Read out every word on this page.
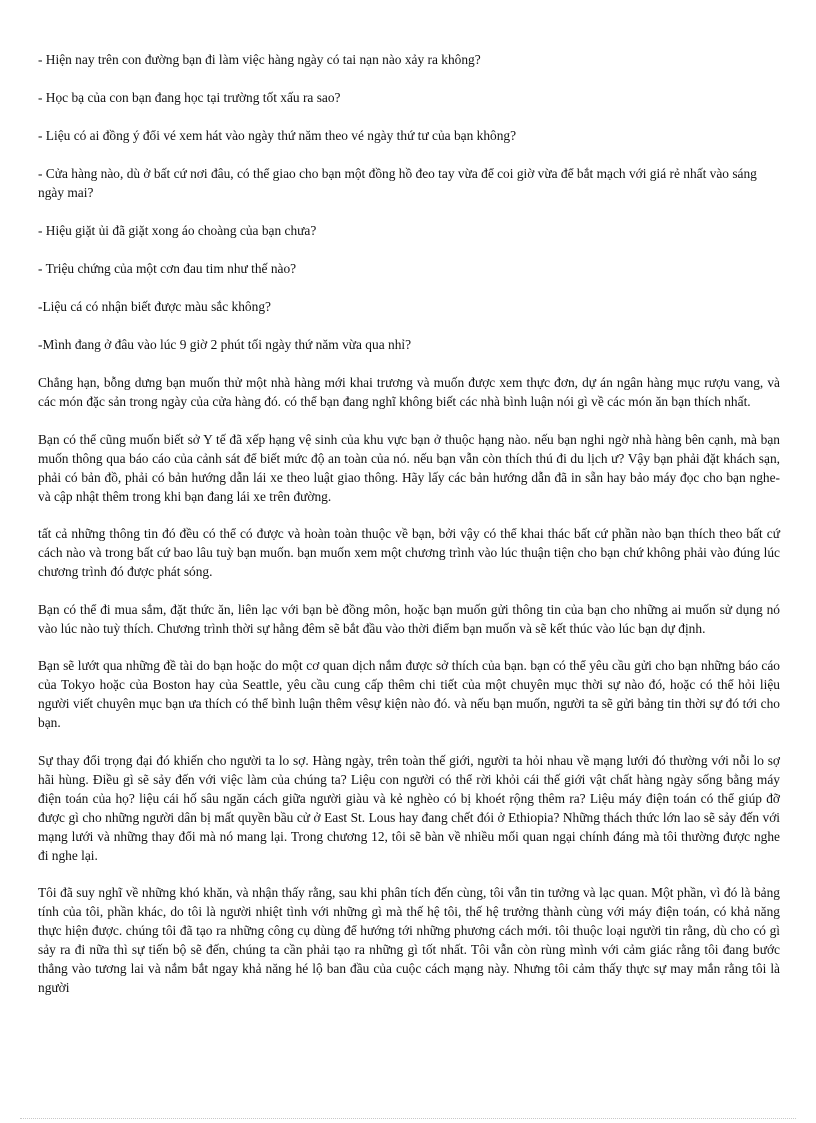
- Hiện nay trên con đường bạn đi làm việc hàng ngày có tai nạn nào xảy ra không?

- Học bạ của con bạn đang học tại trường tốt xấu ra sao?

- Liệu có ai đồng ý đổi vé xem hát vào ngày thứ năm theo vé ngày thứ tư của bạn không?

- Cửa hàng nào, dù ở bất cứ nơi đâu, có thể giao cho bạn một đồng hồ đeo tay vừa để coi giờ vừa để bắt mạch với giá rẻ nhất vào sáng ngày mai?

- Hiệu giặt ủi đã giặt xong áo choàng của bạn chưa?

- Triệu chứng của một cơn đau tim như thế nào?

-Liệu cá có nhận biết được màu sắc không?

-Mình đang ở đâu vào lúc 9 giờ 2 phút tối ngày thứ năm vừa qua nhỉ?

Chẳng hạn, bỗng dưng bạn muốn thử một nhà hàng mới khai trương và muốn được xem thực đơn, dự án ngân hàng mục rượu vang, và các món đặc sản trong ngày của cửa hàng đó. có thể bạn đang nghĩ không biết các nhà bình luận nói gì về các món ăn bạn thích nhất.

Bạn có thể cũng muốn biết sở Y tế đã xếp hạng vệ sinh của khu vực bạn ở thuộc hạng nào. nếu bạn nghi ngờ nhà hàng bên cạnh, mà bạn muốn thông qua báo cáo của cảnh sát để biết mức độ an toàn của nó. nếu bạn vẫn còn thích thú đi du lịch ư? Vậy bạn phải đặt khách sạn, phải có bản đồ, phải có bản hướng dẫn lái xe theo luật giao thông. Hãy lấy các bản hướng dẫn đã in sẵn hay bảo máy đọc cho bạn nghe- và cập nhật thêm trong khi bạn đang lái xe trên đường.

tất cả những thông tin đó đều có thể có được và hoàn toàn thuộc về bạn, bởi vậy có thể khai thác bất cứ phần nào bạn thích theo bất cứ cách nào và trong bất cứ bao lâu tuỳ bạn muốn. bạn muốn xem một chương trình vào lúc thuận tiện cho bạn chứ không phải vào đúng lúc chương trình đó được phát sóng.

Bạn có thể đi mua sắm, đặt thức ăn, liên lạc với bạn bè đồng môn, hoặc bạn muốn gửi thông tin của bạn cho những ai muốn sử dụng nó vào lúc nào tuỳ thích. Chương trình thời sự hằng đêm sẽ bắt đầu vào thời điểm bạn muốn và sẽ kết thúc vào lúc bạn dự định.

Bạn sẽ lướt qua những đề tài do bạn hoặc do một cơ quan dịch nắm được sở thích của bạn. bạn có thể yêu cầu gửi cho bạn những báo cáo của Tokyo hoặc của Boston hay của Seattle, yêu cầu cung cấp thêm chi tiết của một chuyên mục thời sự nào đó, hoặc có thể hỏi liệu người viết chuyên mục bạn ưa thích có thể bình luận thêm vêsự kiện nào đó. và nếu bạn muốn, người ta sẽ gửi bảng tin thời sự đó tới cho bạn.

Sự thay đổi trọng đại đó khiến cho người ta lo sợ. Hàng ngày, trên toàn thế giới, người ta hỏi nhau về mạng lưới đó thường với nỗi lo sợ hãi hùng. Điều gì sẽ sảy đến với việc làm của chúng ta? Liệu con người có thể rời khỏi cái thế giới vật chất hàng ngày sống bằng máy điện toán của họ? liệu cái hố sâu ngăn cách giữa người giàu và kẻ nghèo có bị khoét rộng thêm ra? Liệu máy điện toán có thể giúp đỡ được gì cho những người dân bị mất quyền bầu cử ở East St. Lous hay đang chết đói ở Ethiopia? Những thách thức lớn lao sẽ sảy đến với mạng lưới và những thay đổi mà nó mang lại. Trong chương 12, tôi sẽ bàn về nhiều mối quan ngại chính đáng mà tôi thường được nghe đi nghe lại.

Tôi đã suy nghĩ về những khó khăn, và nhận thấy rằng, sau khi phân tích đến cùng, tôi vẫn tin tưởng và lạc quan. Một phần, vì đó là bảng tính của tôi, phần khác, do tôi là người nhiệt tình với những gì mà thế hệ tôi, thế hệ trưởng thành cùng với máy điện toán, có khả năng thực hiện được. chúng tôi đã tạo ra những công cụ dùng để hướng tới những phương cách mới. tôi thuộc loại người tin rằng, dù cho có gì sảy ra đi nữa thì sự tiến bộ sẽ đến, chúng ta cần phải tạo ra những gì tốt nhất. Tôi vẫn còn rùng mình với cảm giác rằng tôi đang bước thẳng vào tương lai và nắm bắt ngay khả năng hé lộ ban đầu của cuộc cách mạng này. Nhưng tôi cảm thấy thực sự may mắn rằng tôi là người
